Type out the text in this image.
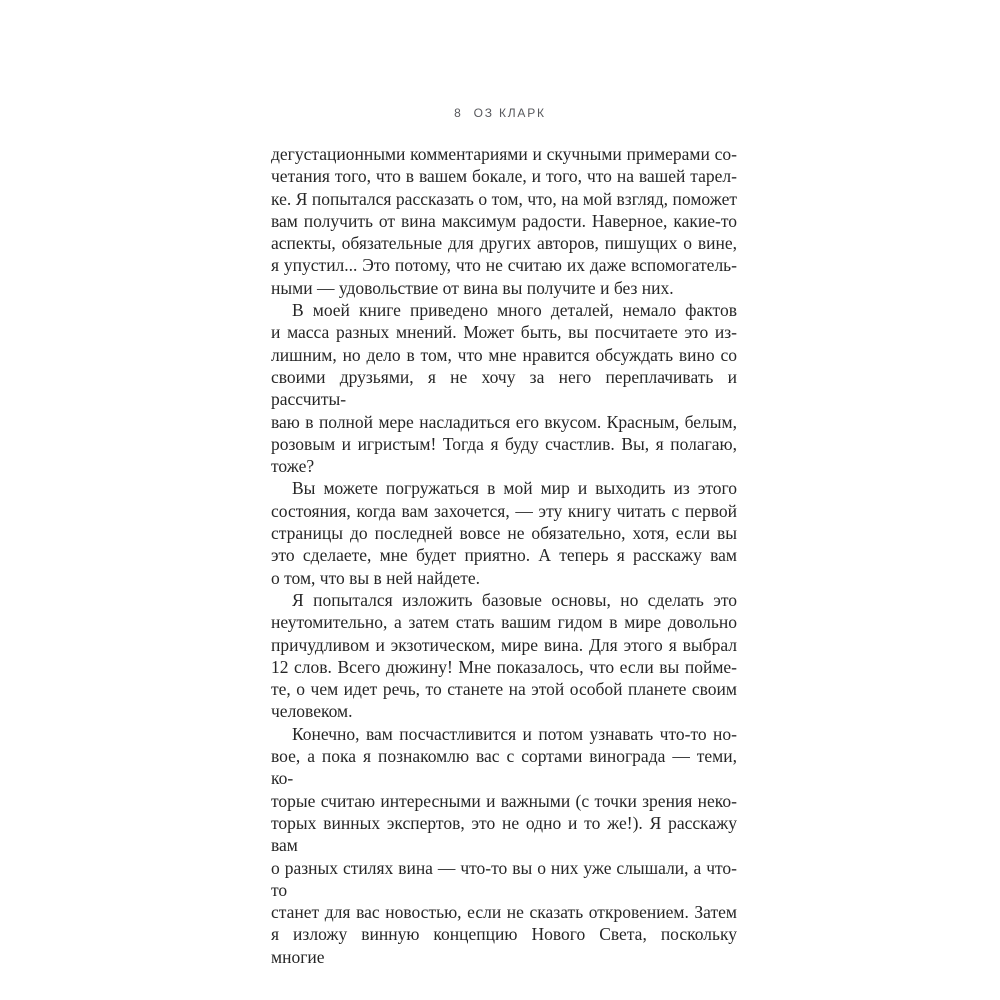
8 ОЗ КЛАРК
дегустационными комментариями и скучными примерами со-
четания того, что в вашем бокале, и того, что на вашей тарел-
ке. Я попытался рассказать о том, что, на мой взгляд, поможет
вам получить от вина максимум радости. Наверное, какие-то
аспекты, обязательные для других авторов, пишущих о вине,
я упустил... Это потому, что не считаю их даже вспомогатель-
ными — удовольствие от вина вы получите и без них.
В моей книге приведено много деталей, немало фактов
и масса разных мнений. Может быть, вы посчитаете это из-
лишним, но дело в том, что мне нравится обсуждать вино со
своими друзьями, я не хочу за него переплачивать и рассчиты-
ваю в полной мере насладиться его вкусом. Красным, белым,
розовым и игристым! Тогда я буду счастлив. Вы, я полагаю,
тоже?
Вы можете погружаться в мой мир и выходить из этого
состояния, когда вам захочется, — эту книгу читать с первой
страницы до последней вовсе не обязательно, хотя, если вы
это сделаете, мне будет приятно. А теперь я расскажу вам
о том, что вы в ней найдете.
Я попытался изложить базовые основы, но сделать это
неутомительно, а затем стать вашим гидом в мире довольно
причудливом и экзотическом, мире вина. Для этого я выбрал
12 слов. Всего дюжину! Мне показалось, что если вы пойме-
те, о чем идет речь, то станете на этой особой планете своим
человеком.
Конечно, вам посчастливится и потом узнавать что-то но-
вое, а пока я познакомлю вас с сортами винограда — теми, ко-
торые считаю интересными и важными (с точки зрения неко-
торых винных экспертов, это не одно и то же!). Я расскажу вам
о разных стилях вина — что-то вы о них уже слышали, а что-то
станет для вас новостью, если не сказать откровением. Затем
я изложу винную концепцию Нового Света, поскольку многие
